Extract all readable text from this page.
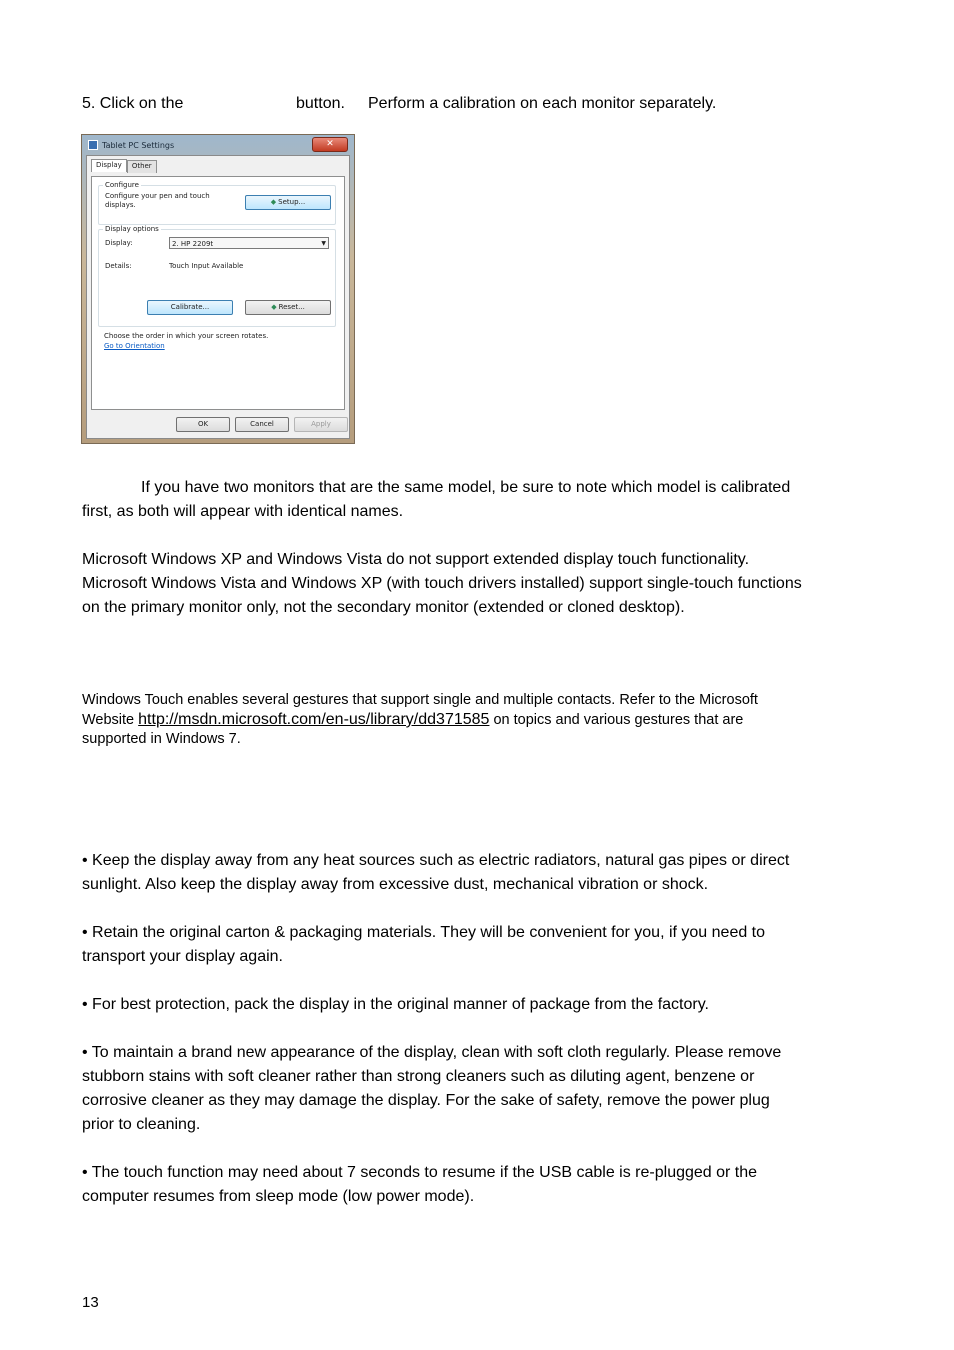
5. Click on the	button. Perform a calibration on each monitor separately.
Tablet PC Settings	✕
Display	Other
Configure
Configure your pen and touch
displays.	◆ Setup...
Display options
Display:	2. HP 2209t	▼
Details:	Touch Input Available
Calibrate...	◆ Reset...
Choose the order in which your screen rotates.
Go to Orientation
OK	Cancel	Apply
If you have two monitors that are the same model, be sure to note which model is calibrated
first, as both will appear with identical names.
Microsoft Windows XP and Windows Vista do not support extended display touch functionality.
Microsoft Windows Vista and Windows XP (with touch drivers installed) support single-touch functions
on the primary monitor only, not the secondary monitor (extended or cloned desktop).
Windows Touch enables several gestures that support single and multiple contacts. Refer to the Microsoft
Website http://msdn.microsoft.com/en-us/library/dd371585 on topics and various gestures that are
supported in Windows 7.
• Keep the display away from any heat sources such as electric radiators, natural gas pipes or direct
sunlight. Also keep the display away from excessive dust, mechanical vibration or shock.
• Retain the original carton & packaging materials. They will be convenient for you, if you need to
transport your display again.
• For best protection, pack the display in the original manner of package from the factory.
• To maintain a brand new appearance of the display, clean with soft cloth regularly. Please remove
stubborn stains with soft cleaner rather than strong cleaners such as diluting agent, benzene or
corrosive cleaner as they may damage the display. For the sake of safety, remove the power plug
prior to cleaning.
• The touch function may need about 7 seconds to resume if the USB cable is re-plugged or the
computer resumes from sleep mode (low power mode).
13
